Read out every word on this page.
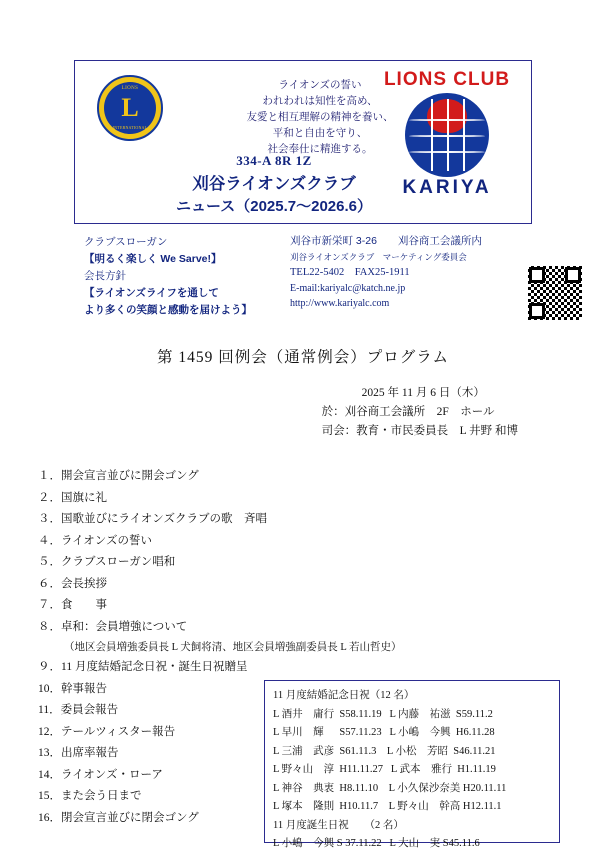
LIONS
L
INTERNATIONAL
ライオンズの誓い
われわれは知性を高め、
友愛と相互理解の精神を養い、
平和と自由を守り、
社会奉仕に精進する。
LIONS CLUB
KARIYA
334-A 8R 1Z
刈谷ライオンズクラブ
ニュース（2025.7～2026.6）
クラブスローガン
【明るく楽しく We Sarve!】
会長方針
【ライオンズライフを通して
より多くの笑顔と感動を届けよう】
刈谷市新栄町 3-26　　刈谷商工会議所内
刈谷ライオンズクラブ　マーケティング委員会
TEL22-5402　FAX25-1911
E-mail:kariyalc@katch.ne.jp
http://www.kariyalc.com
第 1459 回例会（通常例会）プログラム
2025 年 11 月 6 日（木）
於：刈谷商工会議所　2F　ホール
司会：教育・市民委員長　L 井野 和博
１．開会宣言並びに開会ゴング
２．国旗に礼
３．国歌並びにライオンズクラブの歌　斉唱
４．ライオンズの誓い
５．クラブスローガン唱和
６．会長挨拶
７．食　　事
８．卓和：会員増強について
（地区会員増強委員長 L 犬飼将清、地区会員増強副委員長 L 若山哲史）
９．11 月度結婚記念日祝・誕生日祝贈呈
10．幹事報告
11．委員会報告
12．テールツィスター報告
13．出席率報告
14．ライオンズ・ローア
15．また会う日まで
16．閉会宣言並びに閉会ゴング
11 月度結婚記念日祝（12 名）
L 酒井　庸行  S58.11.19   L 内藤　祐滋  S59.11.2
L 早川　輝　  S57.11.23   L 小嶋　今興  H6.11.28
L 三浦　武彦  S61.11.3    L 小松　芳昭  S46.11.21
L 野々山　淳  H11.11.27   L 武本　雅行  H1.11.19
L 神谷　典衷  H8.11.10    L 小久保沙奈美 H20.11.11
L 塚本　隆則  H10.11.7    L 野々山　幹高 H12.11.1
11 月度誕生日祝　　（2 名）
L 小嶋　今興 S 37.11.22   L 大山　実 S45.11.6
